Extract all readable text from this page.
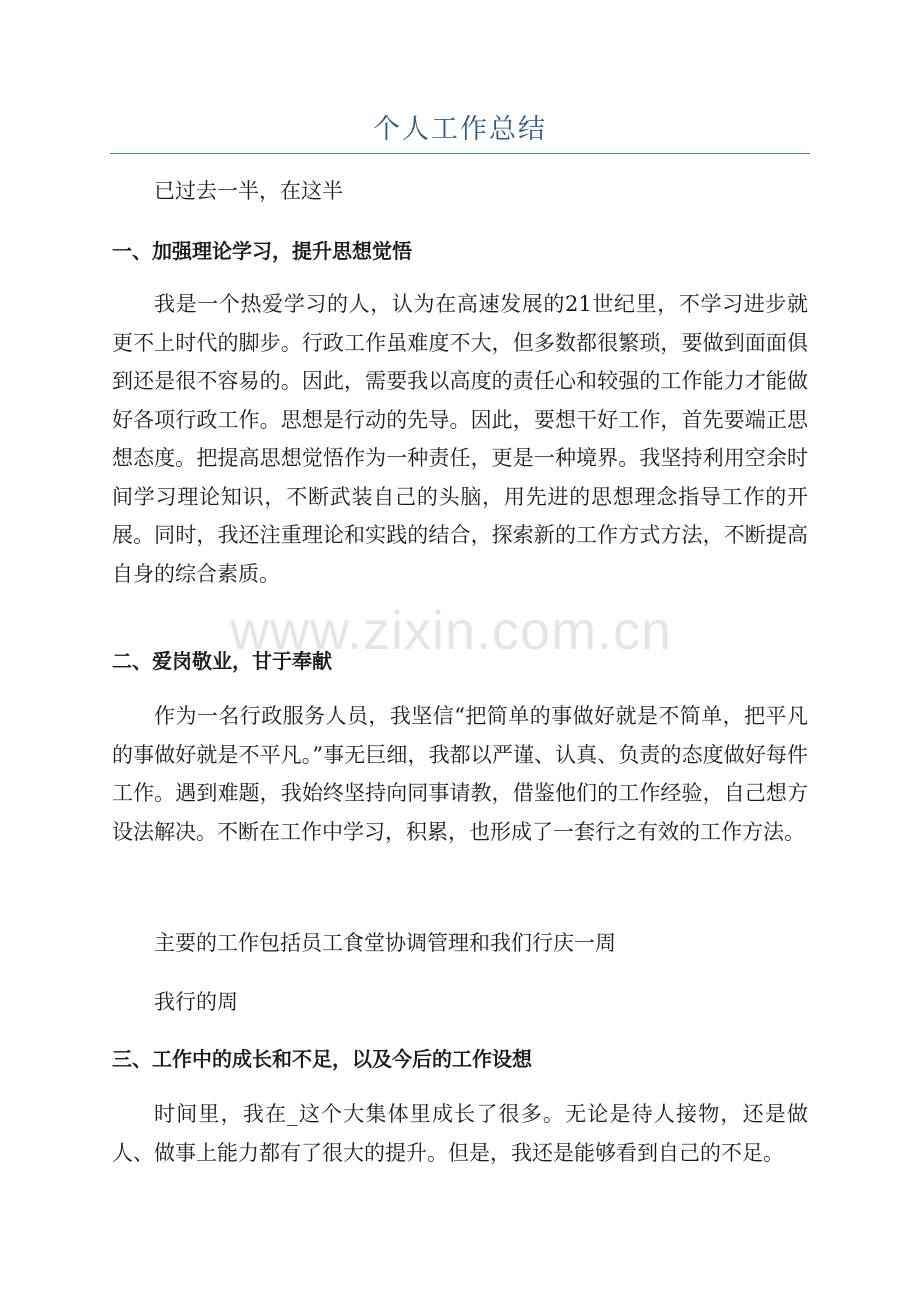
个人工作总结

已过去一半，在这半

一、加强理论学习，提升思想觉悟

我是一个热爱学习的人，认为在高速发展的21世纪里，不学习进步就更不上时代的脚步。行政工作虽难度不大，但多数都很繁琐，要做到面面俱到还是很不容易的。因此，需要我以高度的责任心和较强的工作能力才能做好各项行政工作。思想是行动的先导。因此，要想干好工作，首先要端正思想态度。把提高思想觉悟作为一种责任，更是一种境界。我坚持利用空余时间学习理论知识，不断武装自己的头脑，用先进的思想理念指导工作的开展。同时，我还注重理论和实践的结合，探索新的工作方式方法，不断提高自身的综合素质。

二、爱岗敬业，甘于奉献

作为一名行政服务人员，我坚信“把简单的事做好就是不简单，把平凡的事做好就是不平凡。”事无巨细，我都以严谨、认真、负责的态度做好每件工作。遇到难题，我始终坚持向同事请教，借鉴他们的工作经验，自己想方设法解决。不断在工作中学习，积累，也形成了一套行之有效的工作方法。

主要的工作包括员工食堂协调管理和我们行庆一周

我行的周

三、工作中的成长和不足，以及今后的工作设想

时间里，我在_这个大集体里成长了很多。无论是待人接物，还是做人、做事上能力都有了很大的提升。但是，我还是能够看到自己的不足。

www.zixin.com.cn
